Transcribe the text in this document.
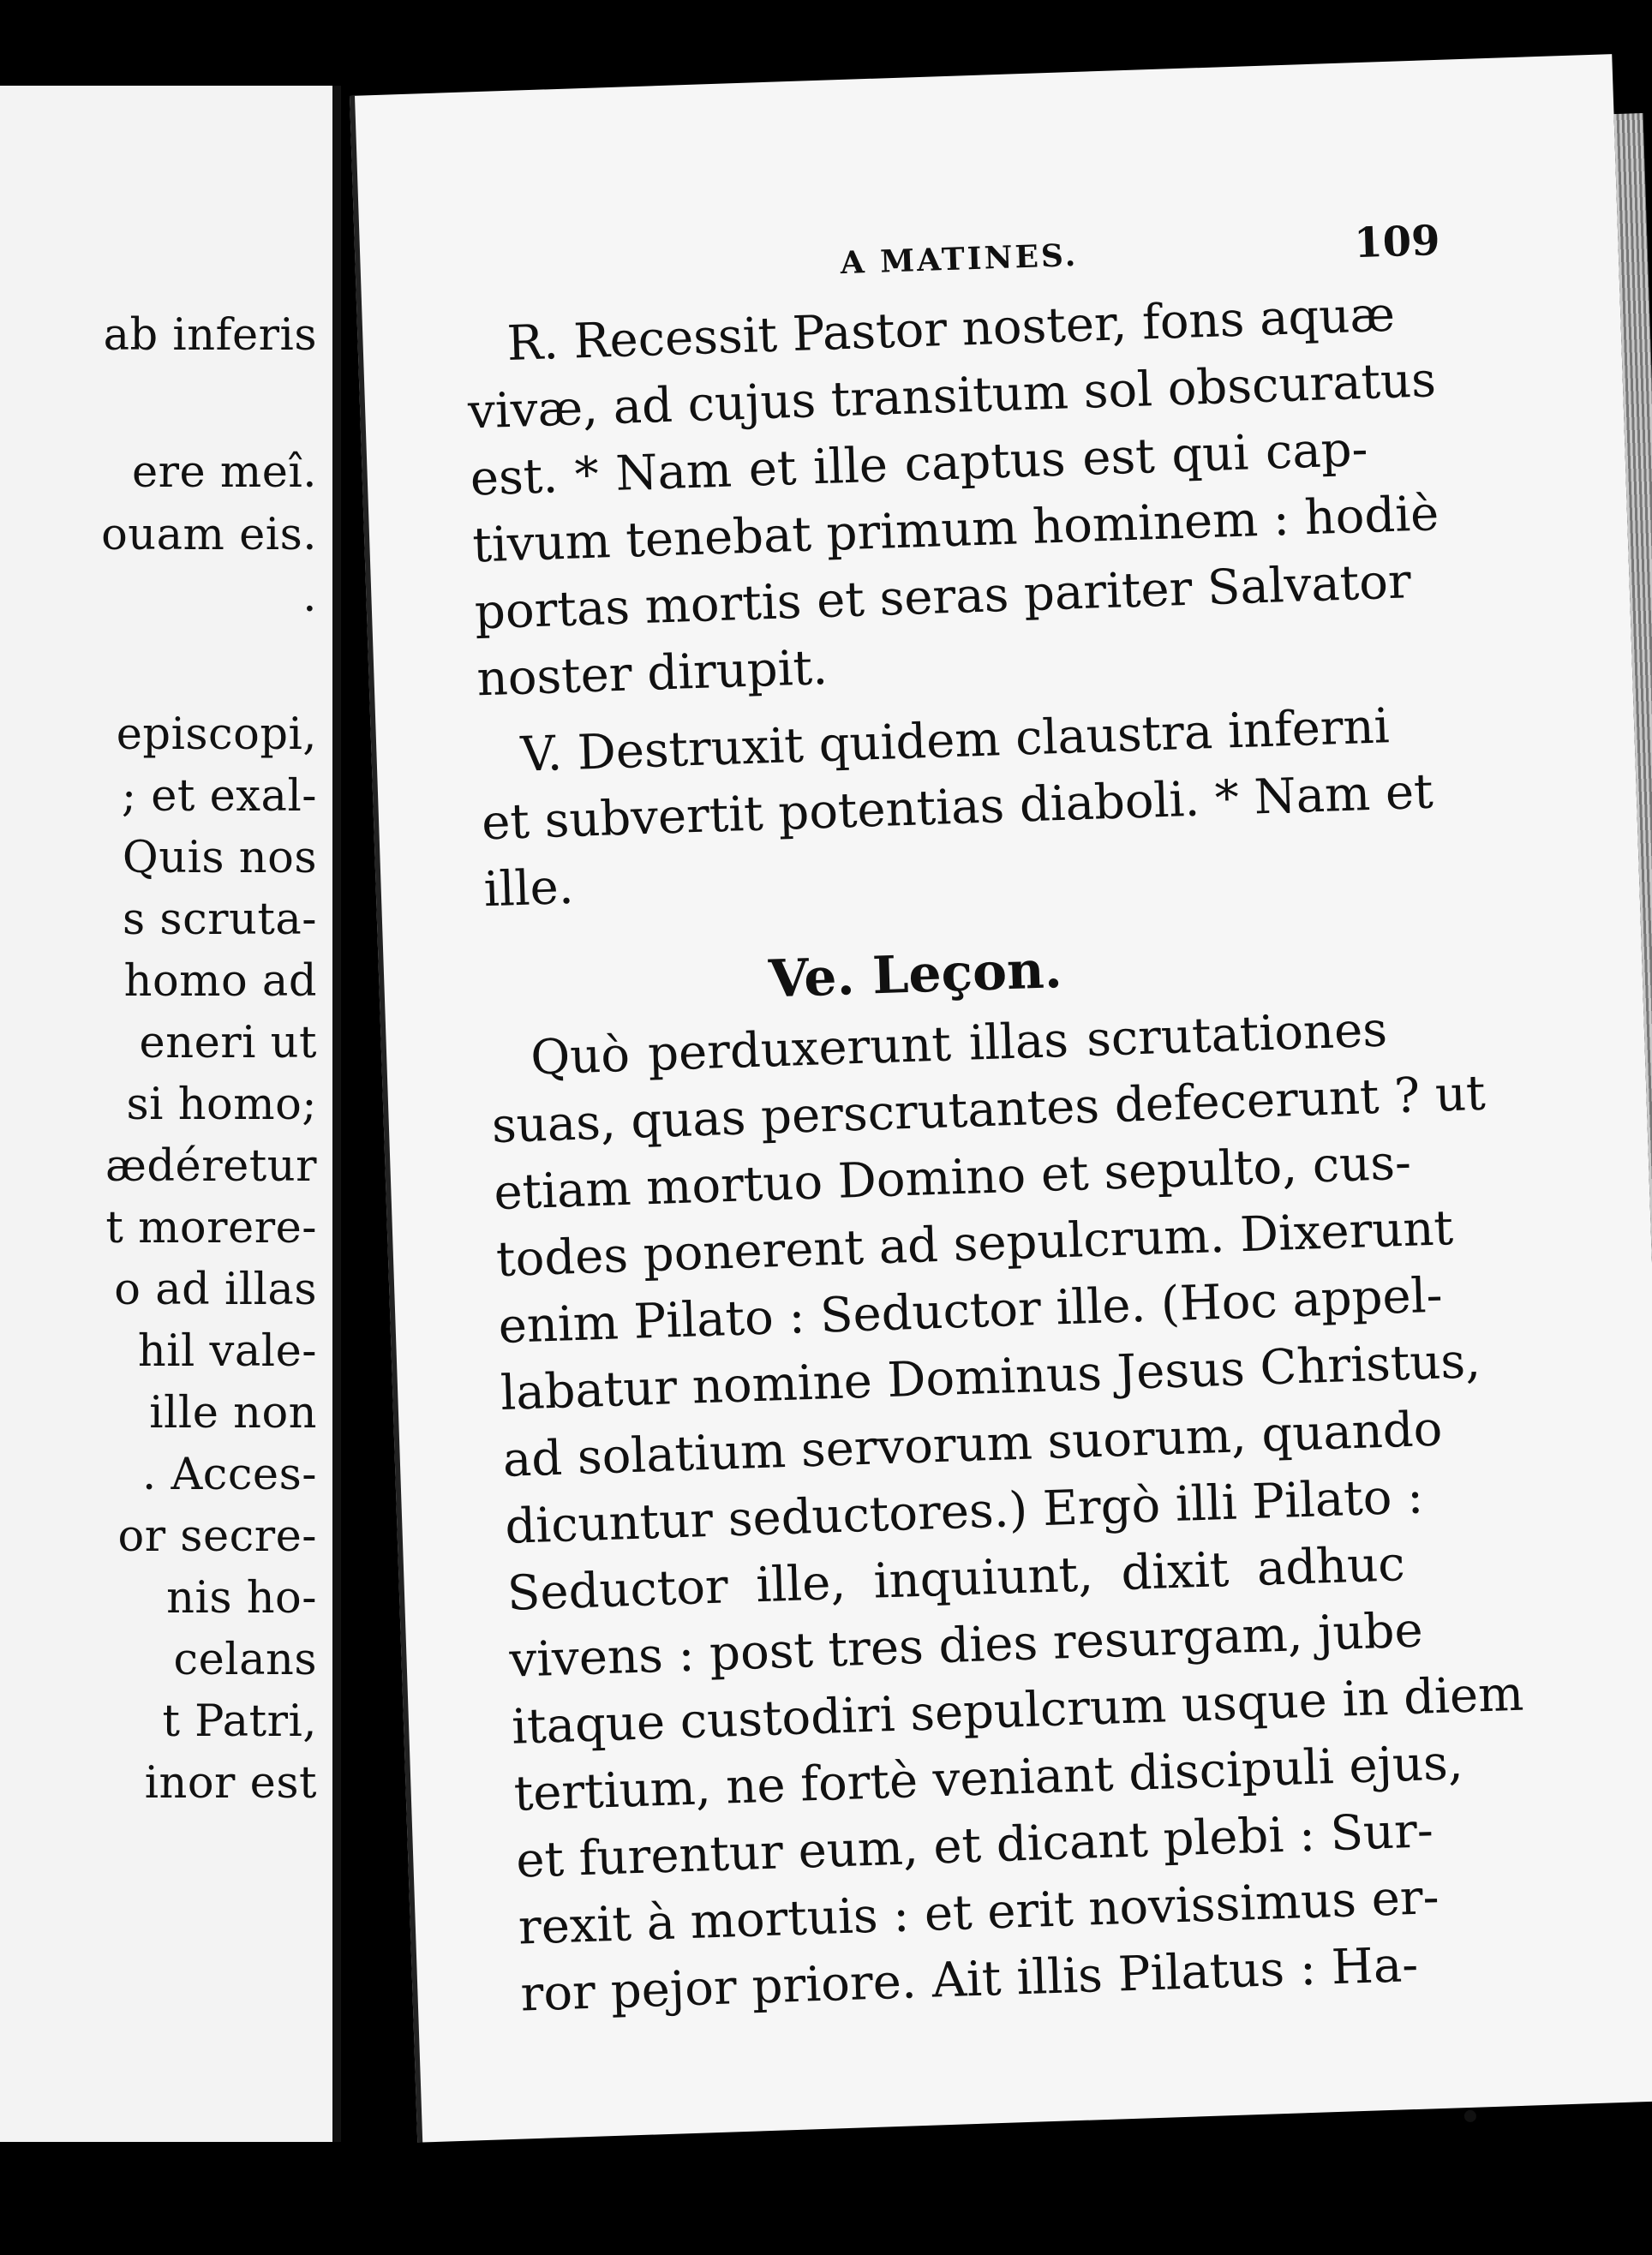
ab inferis

ere meî.

ouam eis.

.

episcopi,

; et exal-

Quis nos

s scruta-

homo ad

eneri ut

si homo;

ædéretur

t morere-

o ad illas

hil vale-

ille non

. Acces-

or secre-

nis ho-

celans

t Patri,

inor est

A MATINES.	109

R. Recessit Pastor noster, fons aquæ

vivæ, ad cujus transitum sol obscuratus

est. * Nam et ille captus est qui cap-

tivum tenebat primum hominem : hodiè

portas mortis et seras pariter Salvator

noster dirupit.

V. Destruxit quidem claustra inferni

et subvertit potentias diaboli. * Nam et

ille.

Ve. Leçon.

Quò perduxerunt illas scrutationes

suas, quas perscrutantes defecerunt ? ut

etiam mortuo Domino et sepulto, cus-

todes ponerent ad sepulcrum. Dixerunt

enim Pilato : Seductor ille. (Hoc appel-

labatur nomine Dominus Jesus Christus,

ad solatium servorum suorum, quando

dicuntur seductores.) Ergò illi Pilato :

Seductor ille, inquiunt, dixit adhuc

vivens : post tres dies resurgam, jube

itaque custodiri sepulcrum usque in diem

tertium, ne fortè veniant discipuli ejus,

et furentur eum, et dicant plebi : Sur-

rexit à mortuis : et erit novissimus er-

ror pejor priore. Ait illis Pilatus : Ha-
